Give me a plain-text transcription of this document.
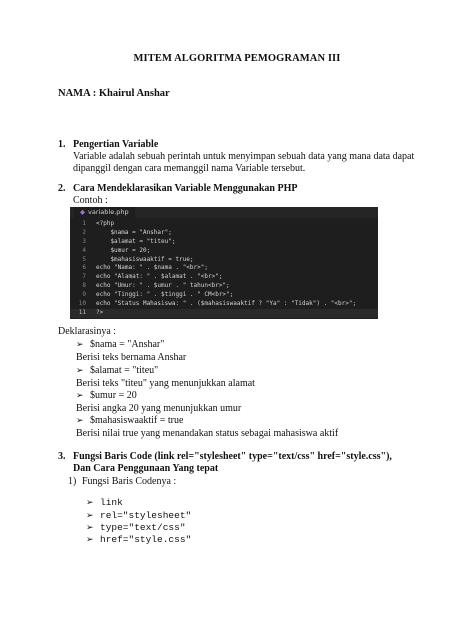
MITEM ALGORITMA PEMOGRAMAN III
NAMA : Khairul Anshar
1. Pengertian Variable
Variable adalah sebuah perintah untuk menyimpan sebuah data yang mana data dapat
dipanggil dengan cara memanggil nama Variable tersebut.
2. Cara Mendeklarasikan Variable Menggunakan PHP
Contoh :
◆ variable.php
1 <?php
2 $nama = "Anshar";
3 $alamat = "titeu";
4 $umur = 20;
5 $mahasiswaaktif = true;
6 echo "Nama: " . $nama . "<br>";
7 echo "Alamat: " . $alamat . "<br>";
8 echo "Umur: " . $umur . " tahun<br>";
9 echo "Tinggi: " . $tinggi . " CM<br>";
10 echo "Status Mahasiswa: " . ($mahasiswaaktif ? "Ya" : "Tidak") . "<br>";
11 ?>
Deklarasinya :
➢ $nama = "Anshar"
Berisi teks bernama Anshar
➢ $alamat = "titeu"
Berisi teks "titeu" yang menunjukkan alamat
➢ $umur = 20
Berisi angka 20 yang menunjukkan umur
➢ $mahasiswaaktif = true
Berisi nilai true yang menandakan status sebagai mahasiswa aktif
3. Fungsi Baris Code (link rel="stylesheet" type="text/css" href="style.css"),
Dan Cara Penggunaan Yang tepat
1) Fungsi Baris Codenya :
➢ link
➢ rel="stylesheet"
➢ type="text/css"
➢ href="style.css"
